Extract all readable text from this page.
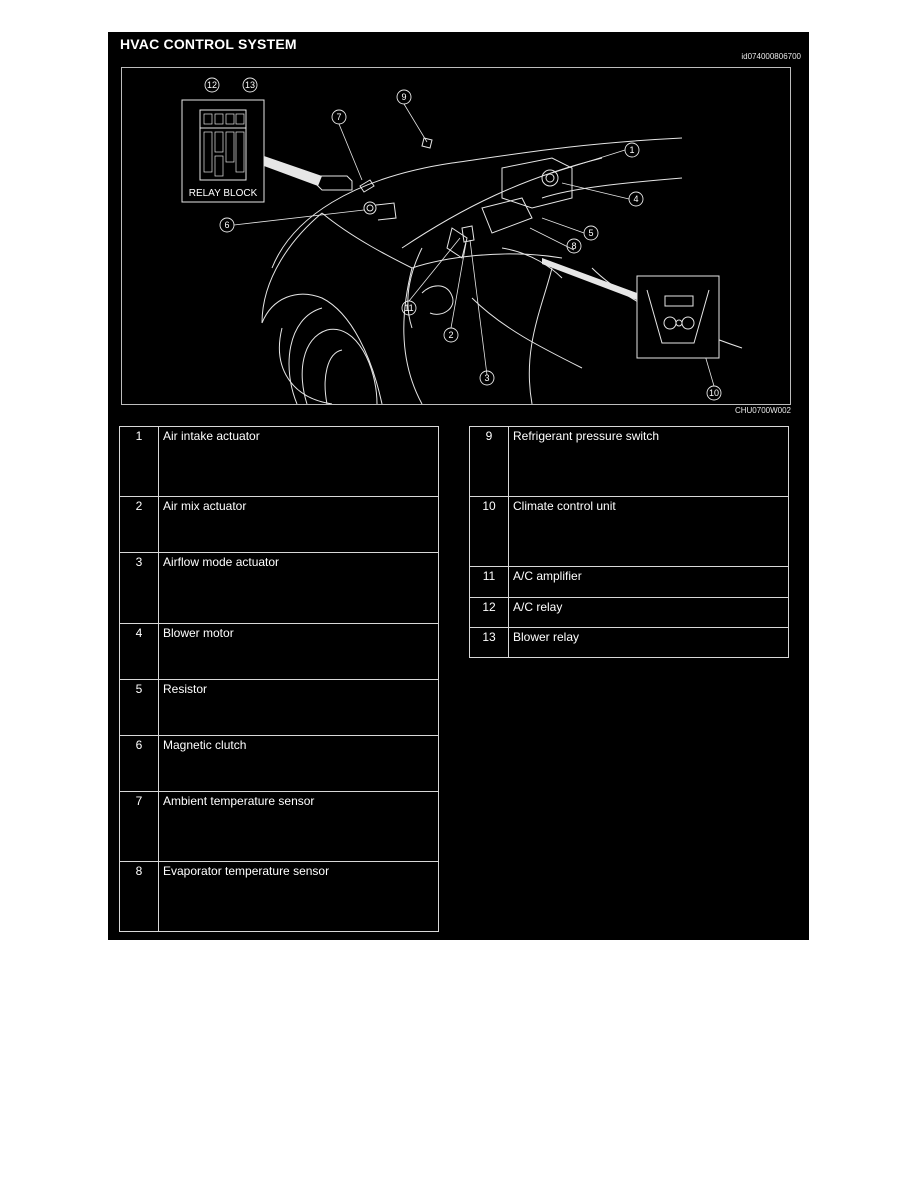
HVAC CONTROL SYSTEM
id074000806700
RELAY BLOCK
12	13
7
9
1
4
5
8
6
11
2
3
10
CHU0700W002
1	Air intake actuator
2	Air mix actuator
3	Airflow mode actuator
4	Blower motor
5	Resistor
6	Magnetic clutch
7	Ambient temperature sensor
8	Evaporator temperature sensor
9	Refrigerant pressure switch
10	Climate control unit
11	A/C amplifier
12	A/C relay
13	Blower relay
